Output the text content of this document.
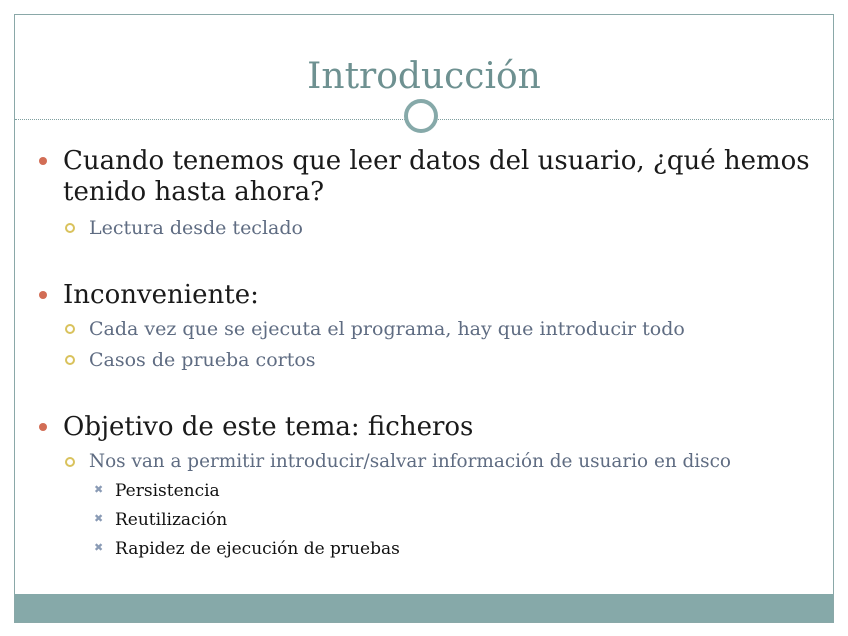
Introducción
Cuando tenemos que leer datos del usuario, ¿qué hemos
tenido hasta ahora?
Lectura desde teclado
Inconveniente:
Cada vez que se ejecuta el programa, hay que introducir todo
Casos de prueba cortos
Objetivo de este tema: ficheros
Nos van a permitir introducir/salvar información de usuario en disco
✖ Persistencia
✖ Reutilización
✖ Rapidez de ejecución de pruebas
